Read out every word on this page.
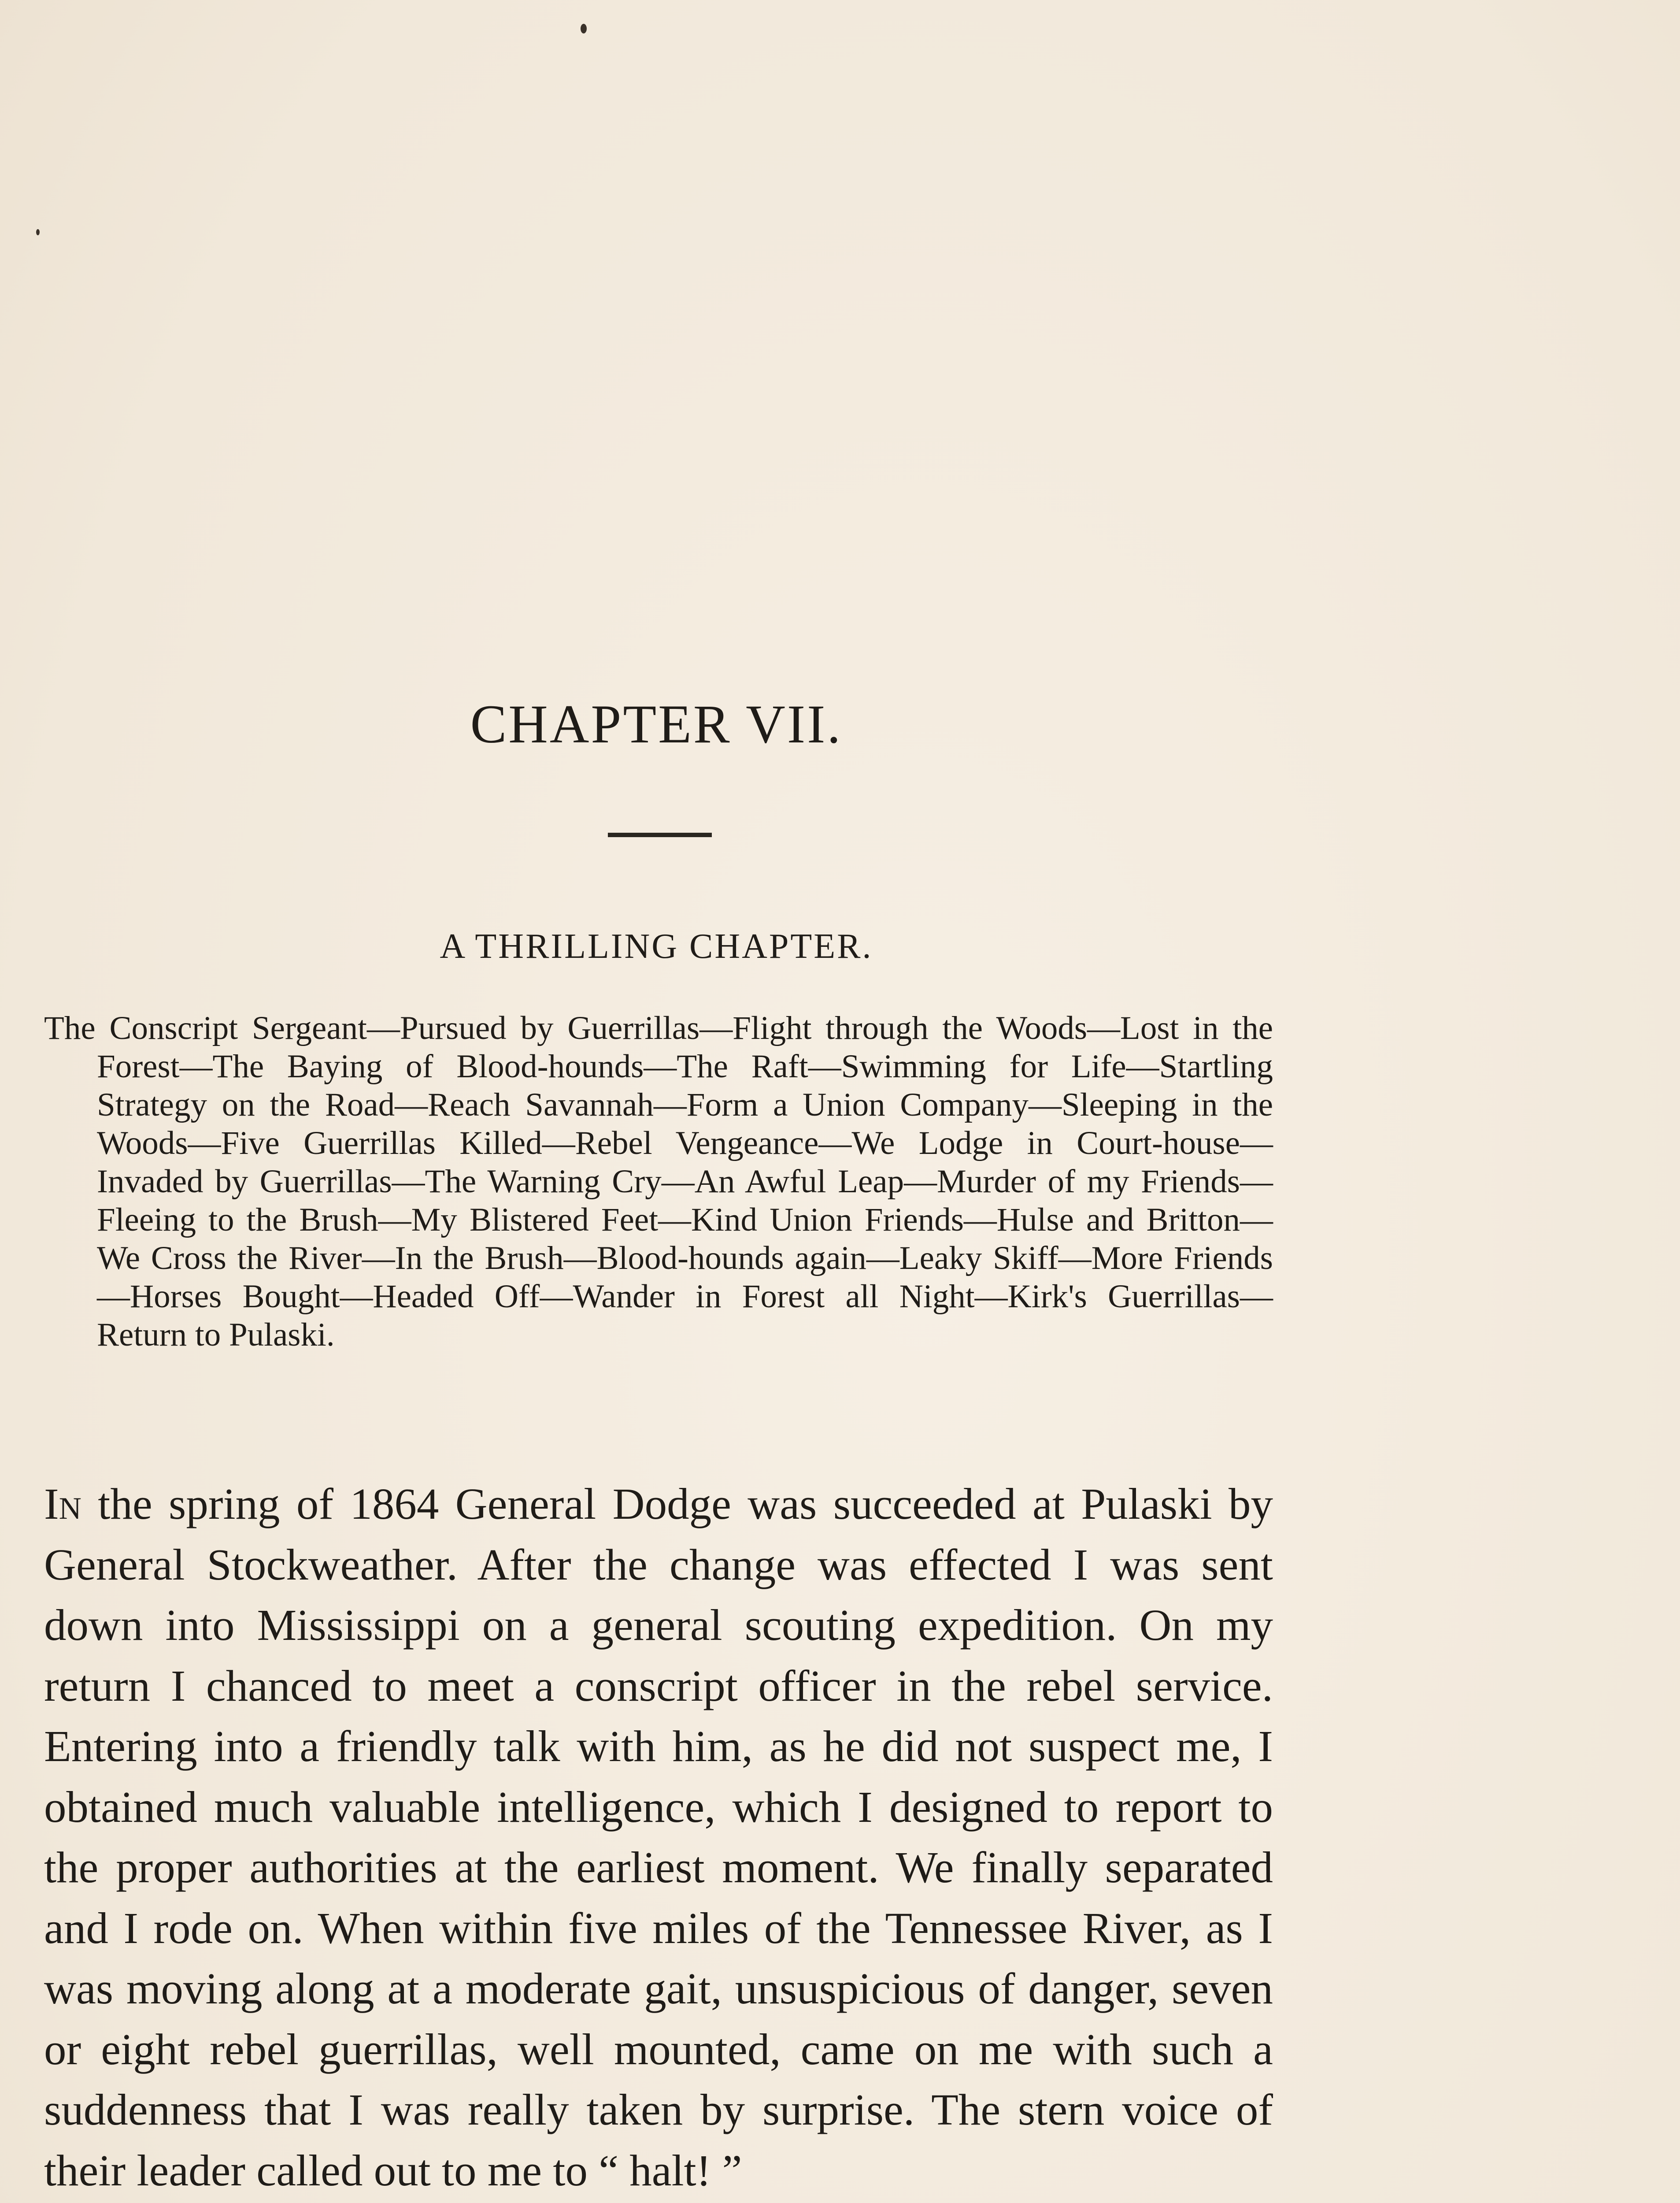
CHAPTER VII.
A THRILLING CHAPTER.
The Conscript Sergeant—Pursued by Guerrillas—Flight through the Woods—Lost in the Forest—The Baying of Blood-hounds—The Raft—Swimming for Life—Startling Strategy on the Road—Reach Savannah—Form a Union Company—Sleeping in the Woods—Five Guerrillas Killed—Rebel Vengeance—We Lodge in Court-house—Invaded by Guerrillas—The Warning Cry—An Awful Leap—Murder of my Friends—Fleeing to the Brush—My Blistered Feet—Kind Union Friends—Hulse and Britton—We Cross the River—In the Brush—Blood-hounds again—Leaky Skiff—More Friends—Horses Bought—Headed Off—Wander in Forest all Night—Kirk's Guerrillas—Return to Pulaski.
In the spring of 1864 General Dodge was succeeded at Pulaski by General Stockweather. After the change was effected I was sent down into Mississippi on a general scouting expedition. On my return I chanced to meet a conscript officer in the rebel service. Entering into a friendly talk with him, as he did not suspect me, I obtained much valuable intelligence, which I designed to report to the proper authorities at the earliest moment. We finally separated and I rode on. When within five miles of the Tennessee River, as I was moving along at a moderate gait, unsuspicious of danger, seven or eight rebel guerrillas, well mounted, came on me with such a suddenness that I was really taken by surprise. The stern voice of their leader called out to me to “ halt! ”
